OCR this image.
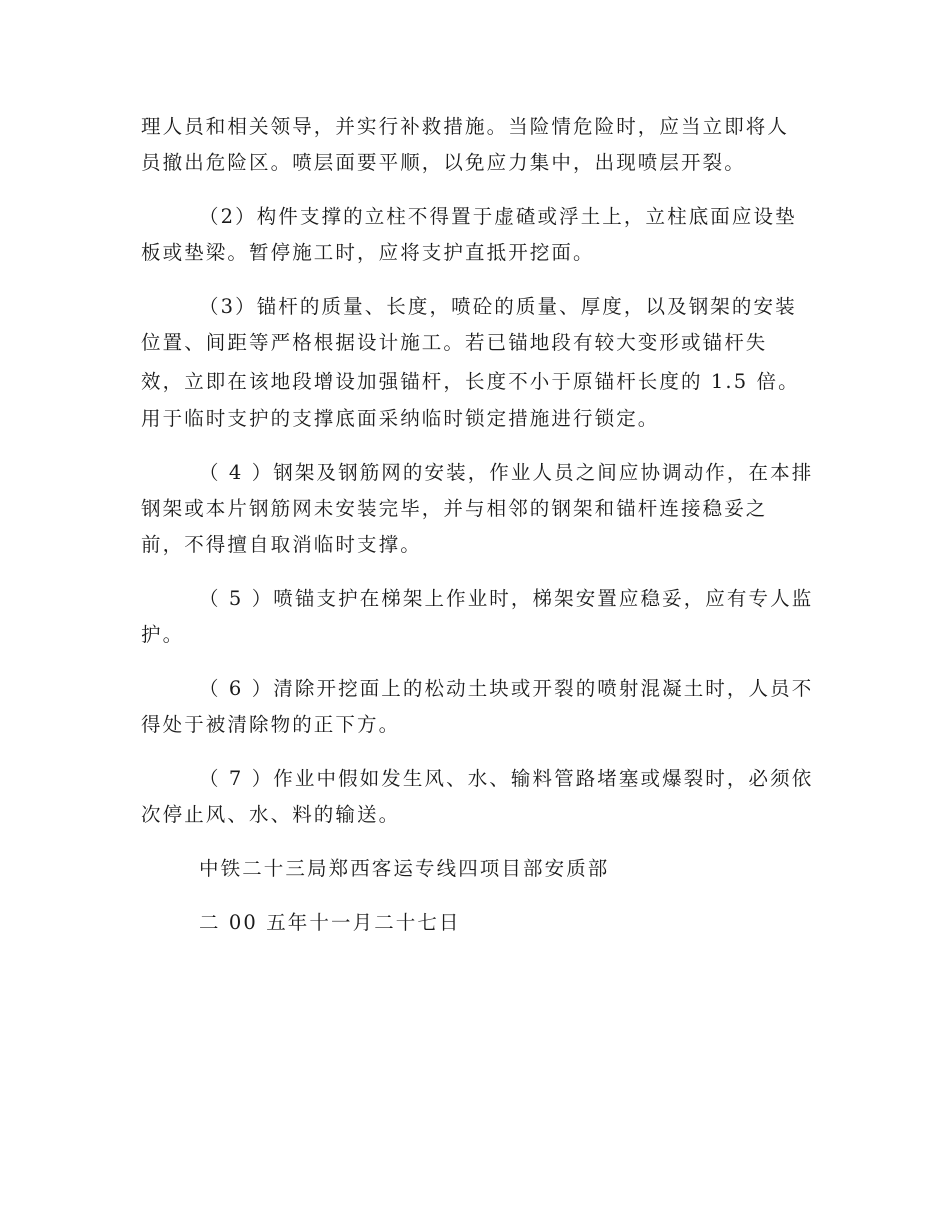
理人员和相关领导，并实行补救措施。当险情危险时，应当立即将人
员撤出危险区。喷层面要平顺，以免应力集中，出现喷层开裂。
（2）构件支撑的立柱不得置于虚碴或浮土上，立柱底面应设垫
板或垫梁。暂停施工时，应将支护直抵开挖面。
（3）锚杆的质量、长度，喷砼的质量、厚度，以及钢架的安装
位置、间距等严格根据设计施工。若已锚地段有较大变形或锚杆失
效，立即在该地段增设加强锚杆，长度不小于原锚杆长度的 1.5 倍。
用于临时支护的支撑底面采纳临时锁定措施进行锁定。
（ 4 ）钢架及钢筋网的安装，作业人员之间应协调动作，在本排
钢架或本片钢筋网未安装完毕，并与相邻的钢架和锚杆连接稳妥之
前，不得擅自取消临时支撑。
（ 5 ）喷锚支护在梯架上作业时，梯架安置应稳妥，应有专人监
护。
（ 6 ）清除开挖面上的松动土块或开裂的喷射混凝土时，人员不
得处于被清除物的正下方。
（ 7 ）作业中假如发生风、水、输料管路堵塞或爆裂时，必须依
次停止风、水、料的输送。
中铁二十三局郑西客运专线四项目部安质部
二 00 五年十一月二十七日
